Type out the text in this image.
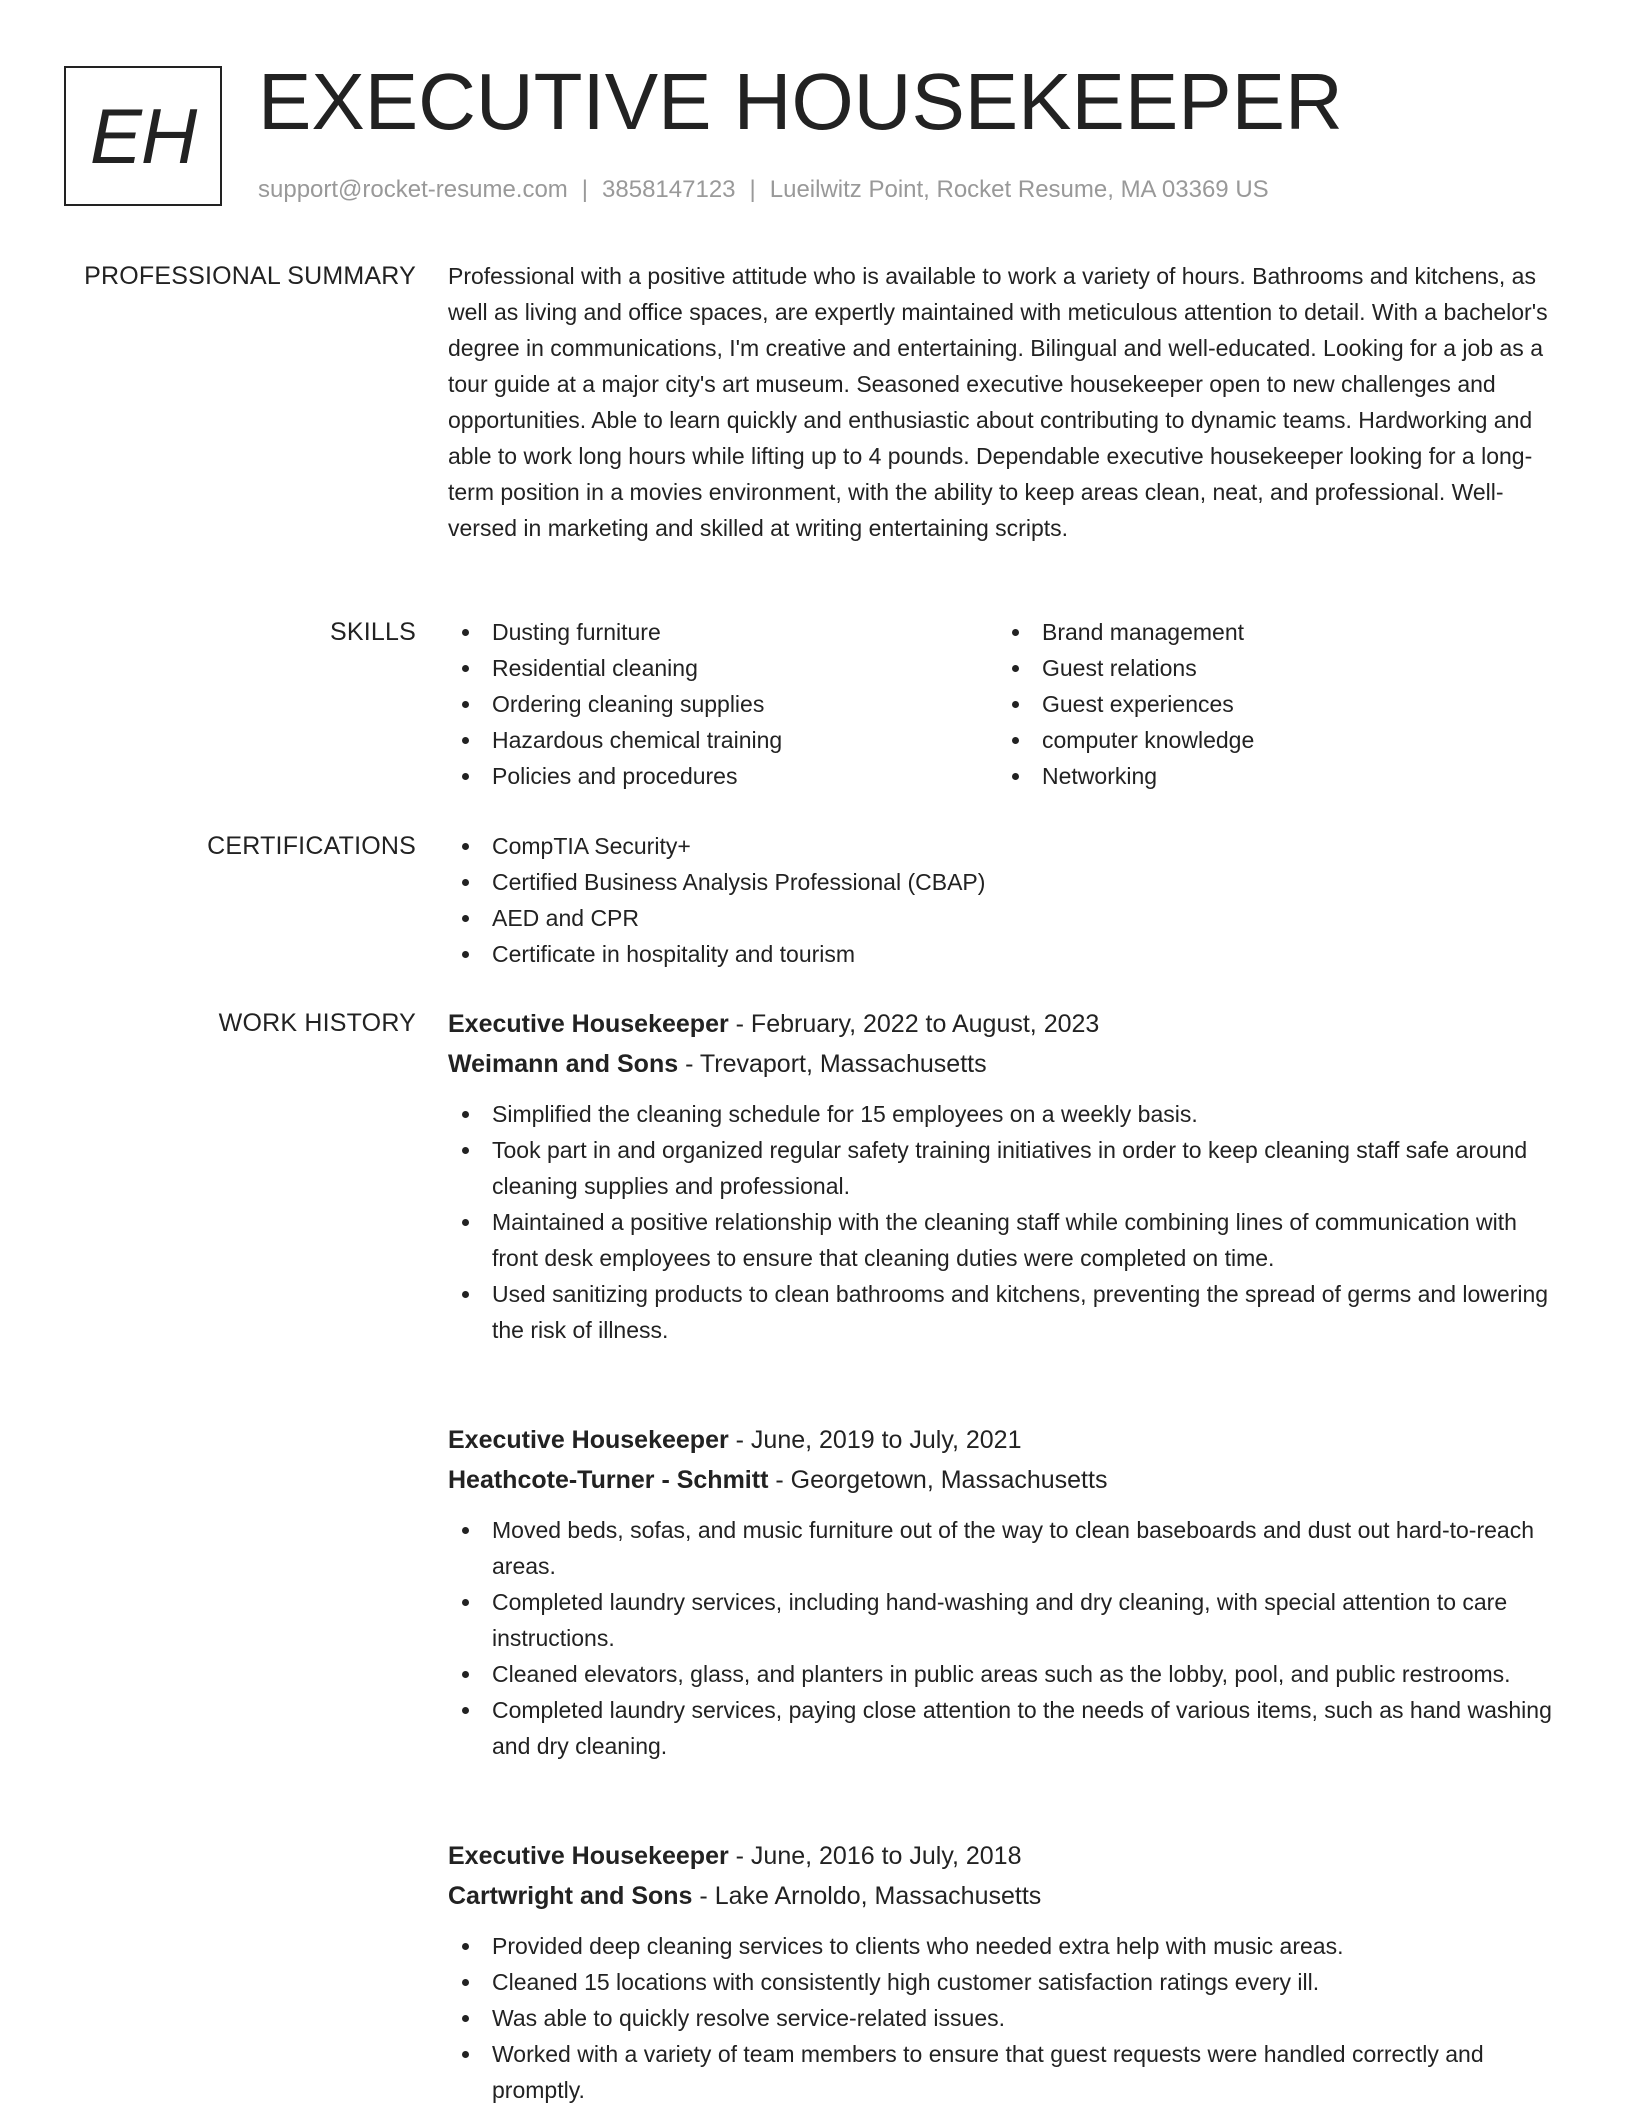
EH EXECUTIVE HOUSEKEEPER
support@rocket-resume.com | 3858147123 | Lueilwitz Point, Rocket Resume, MA 03369 US
PROFESSIONAL SUMMARY Professional with a positive attitude who is available to work a variety of hours. Bathrooms and kitchens, as well as living and office spaces, are expertly maintained with meticulous attention to detail. With a bachelor's degree in communications, I'm creative and entertaining. Bilingual and well-educated. Looking for a job as a tour guide at a major city's art museum. Seasoned executive housekeeper open to new challenges and opportunities. Able to learn quickly and enthusiastic about contributing to dynamic teams. Hardworking and able to work long hours while lifting up to 4 pounds. Dependable executive housekeeper looking for a long-term position in a movies environment, with the ability to keep areas clean, neat, and professional. Well-versed in marketing and skilled at writing entertaining scripts.

SKILLS	Dusting furniture
Residential cleaning
Ordering cleaning supplies
Hazardous chemical training
Policies and procedures
Brand management
Guest relations
Guest experiences
computer knowledge
Networking
CERTIFICATIONS	CompTIA Security+
Certified Business Analysis Professional (CBAP)
AED and CPR
Certificate in hospitality and tourism
WORK HISTORY Executive Housekeeper - February, 2022 to August, 2023
Weimann and Sons - Trevaport, Massachusetts
Simplified the cleaning schedule for 15 employees on a weekly basis.
Took part in and organized regular safety training initiatives in order to keep cleaning staff safe around cleaning supplies and professional.
Maintained a positive relationship with the cleaning staff while combining lines of communication with front desk employees to ensure that cleaning duties were completed on time.
Used sanitizing products to clean bathrooms and kitchens, preventing the spread of germs and lowering the risk of illness.
Executive Housekeeper - June, 2019 to July, 2021
Heathcote-Turner - Schmitt - Georgetown, Massachusetts
Moved beds, sofas, and music furniture out of the way to clean baseboards and dust out hard-to-reach areas.
Completed laundry services, including hand-washing and dry cleaning, with special attention to care instructions.
Cleaned elevators, glass, and planters in public areas such as the lobby, pool, and public restrooms.
Completed laundry services, paying close attention to the needs of various items, such as hand washing and dry cleaning.
Executive Housekeeper - June, 2016 to July, 2018
Cartwright and Sons - Lake Arnoldo, Massachusetts
Provided deep cleaning services to clients who needed extra help with music areas.
Cleaned 15 locations with consistently high customer satisfaction ratings every ill.
Was able to quickly resolve service-related issues.
Worked with a variety of team members to ensure that guest requests were handled correctly and promptly.
